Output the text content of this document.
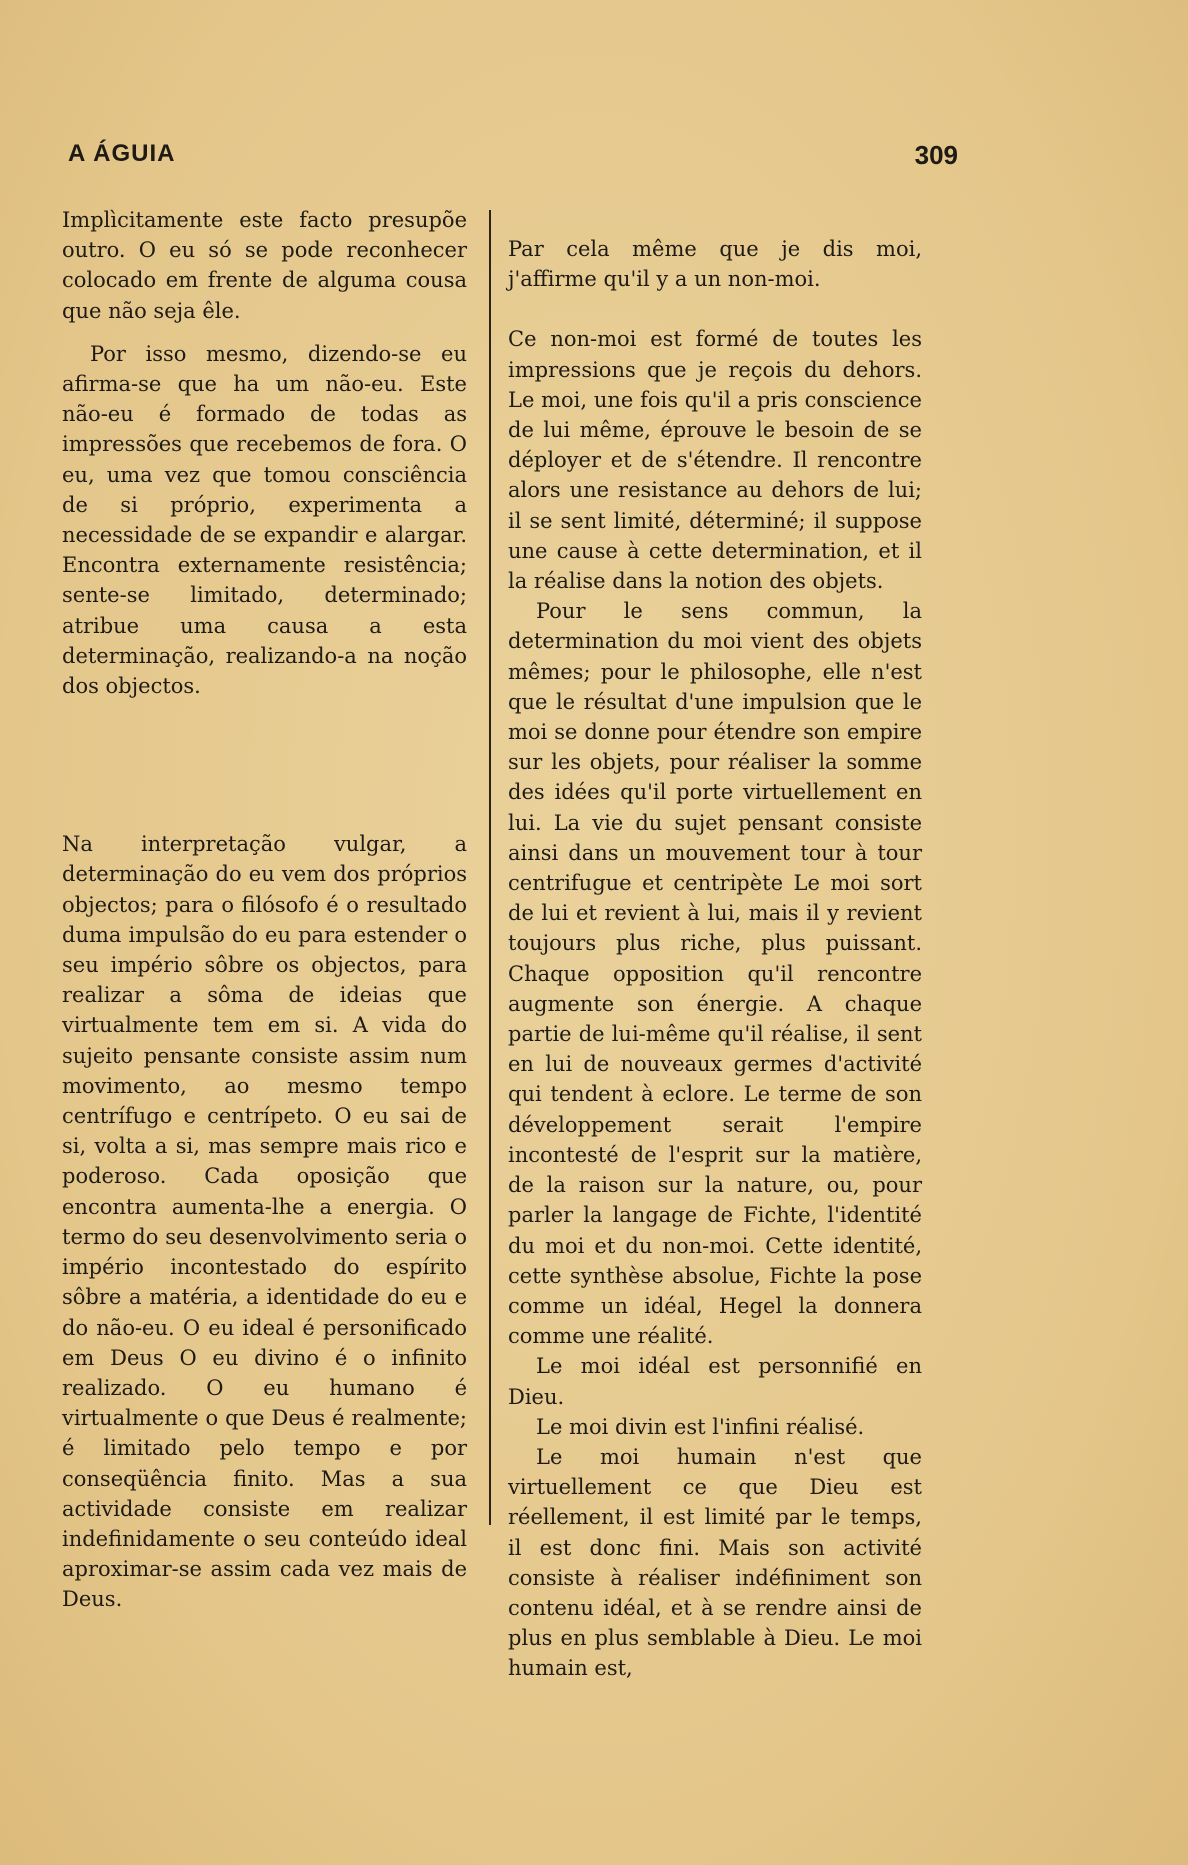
A ÁGUIA	309

Implìcitamente este facto presupõe outro. O eu só se pode reconhecer colocado em frente de alguma cousa que não seja êle.

Por isso mesmo, dizendo-se eu afirma-se que ha um não-eu. Este não-eu é formado de todas as impressões que recebemos de fora. O eu, uma vez que tomou consciência de si próprio, experimenta a necessidade de se expandir e alargar. Encontra externamente resistência; sente-se limitado, determinado; atribue uma causa a esta determinação, realizando-a na noção dos objectos.

Na interpretação vulgar, a determinação do eu vem dos próprios objectos; para o filósofo é o resultado duma impulsão do eu para estender o seu império sôbre os objectos, para realizar a sôma de ideias que virtualmente tem em si. A vida do sujeito pensante consiste assim num movimento, ao mesmo tempo centrífugo e centrípeto. O eu sai de si, volta a si, mas sempre mais rico e poderoso. Cada oposição que encontra aumenta-lhe a energia. O termo do seu desenvolvimento seria o império incontestado do espírito sôbre a matéria, a identidade do eu e do não-eu. O eu ideal é personificado em Deus O eu divino é o infinito realizado. O eu humano é virtualmente o que Deus é realmente; é limitado pelo tempo e por conseqüência finito. Mas a sua actividade consiste em realizar indefinidamente o seu conteúdo ideal aproximar-se assim cada vez mais de Deus.

Par cela même que je dis moi, j'affirme qu'il y a un non-moi.

Ce non-moi est formé de toutes les impressions que je reçois du dehors. Le moi, une fois qu'il a pris conscience de lui même, éprouve le besoin de se déployer et de s'étendre. Il rencontre alors une resistance au dehors de lui; il se sent limité, déterminé; il suppose une cause à cette determination, et il la réalise dans la notion des objets.

Pour le sens commun, la determination du moi vient des objets mêmes; pour le philosophe, elle n'est que le résultat d'une impulsion que le moi se donne pour étendre son empire sur les objets, pour réaliser la somme des idées qu'il porte virtuellement en lui. La vie du sujet pensant consiste ainsi dans un mouvement tour à tour centrifugue et centripète Le moi sort de lui et revient à lui, mais il y revient toujours plus riche, plus puissant. Chaque opposition qu'il rencontre augmente son énergie. A chaque partie de lui-même qu'il réalise, il sent en lui de nouveaux germes d'activité qui tendent à eclore. Le terme de son développement serait l'empire incontesté de l'esprit sur la matière, de la raison sur la nature, ou, pour parler la langage de Fichte, l'identité du moi et du non-moi. Cette identité, cette synthèse absolue, Fichte la pose comme un idéal, Hegel la donnera comme une réalité.

Le moi idéal est personnifié en Dieu.

Le moi divin est l'infini réalisé.

Le moi humain n'est que virtuellement ce que Dieu est réellement, il est limité par le temps, il est donc fini. Mais son activité consiste à réaliser indéfiniment son contenu idéal, et à se rendre ainsi de plus en plus semblable à Dieu. Le moi humain est,
